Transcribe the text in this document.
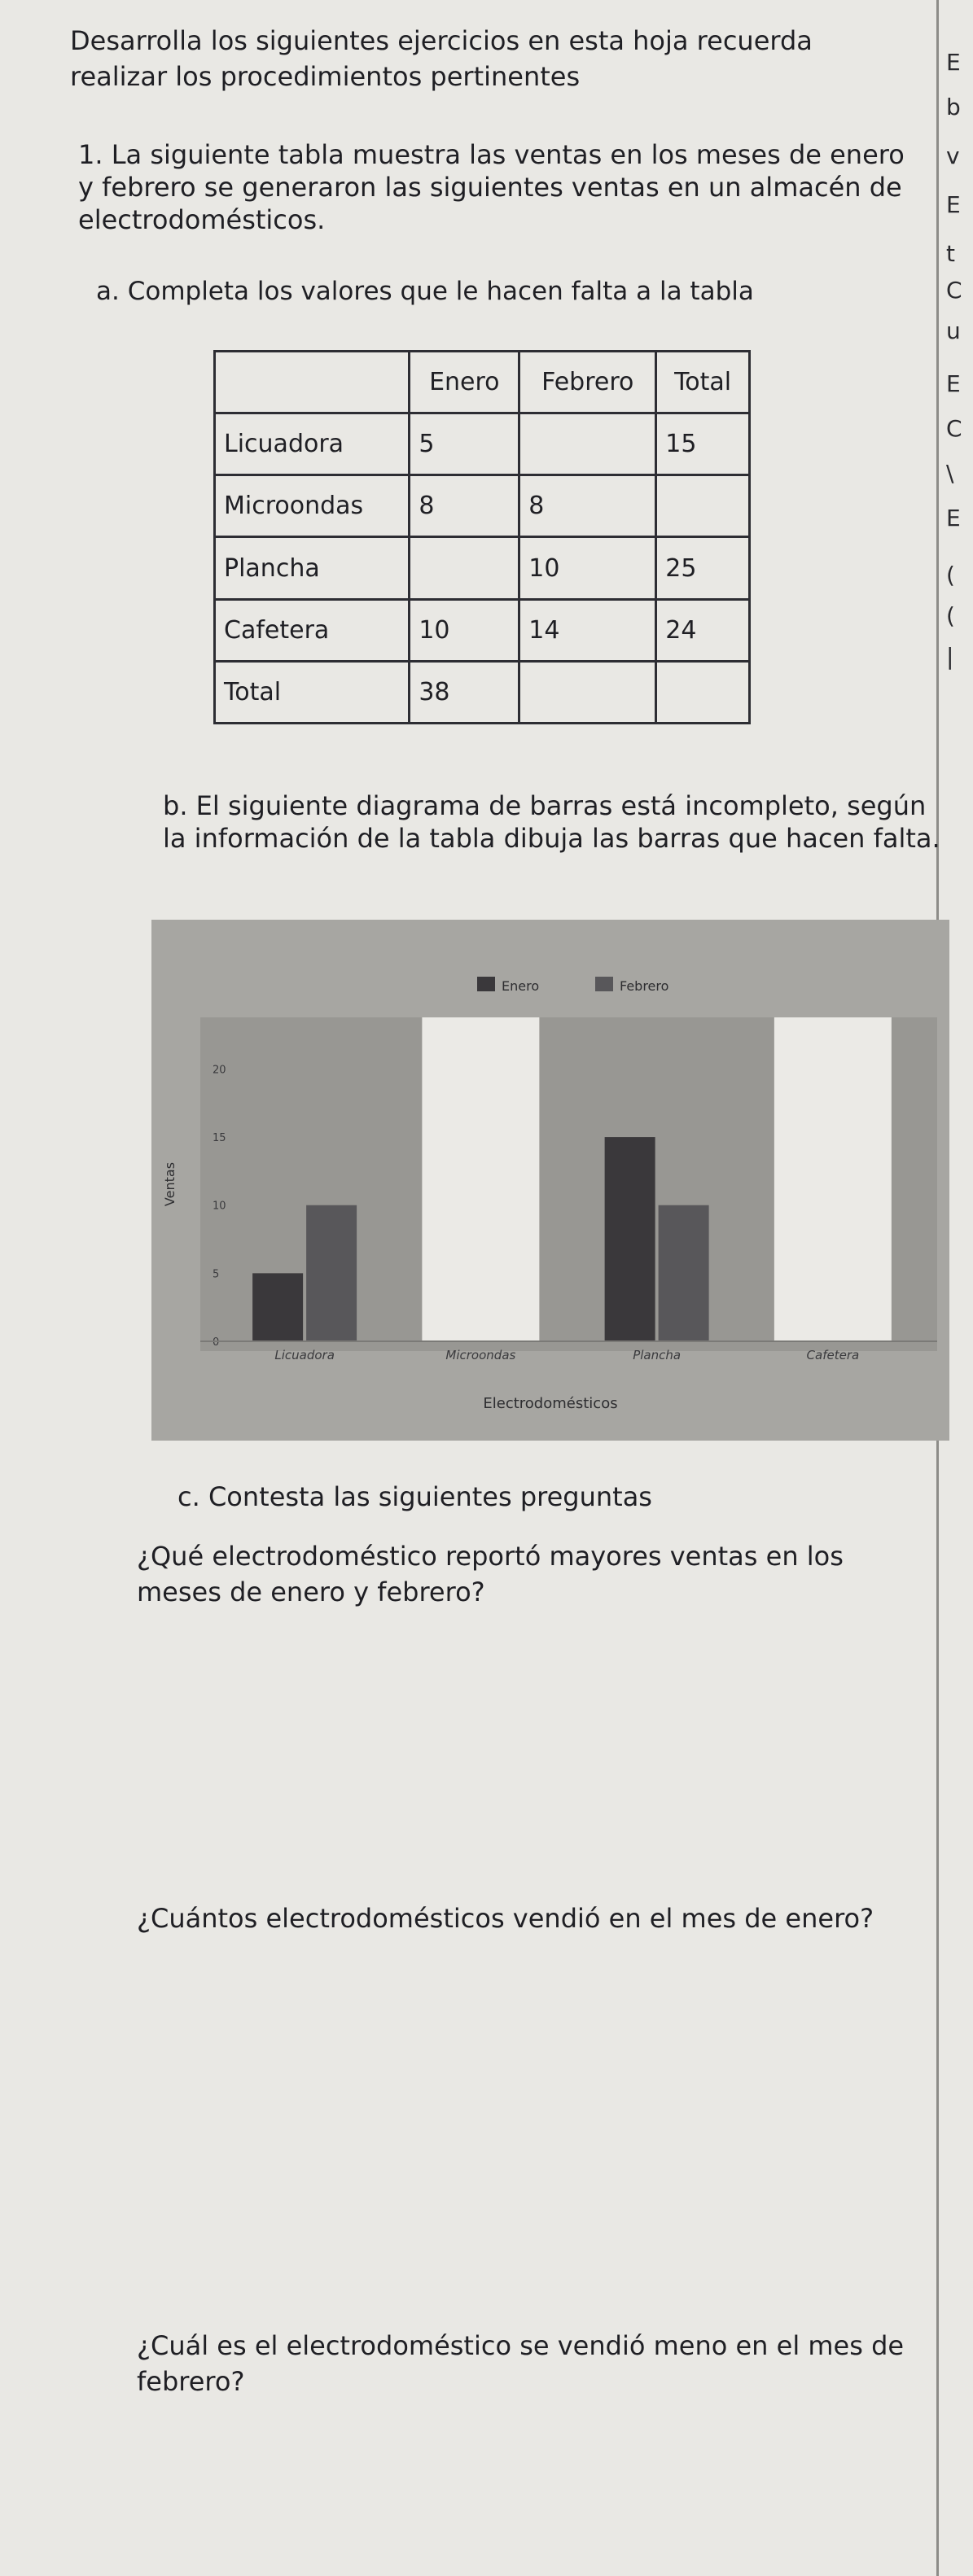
E
b
v
E
t
C
u
E
C
\
E
(
(
|
Desarrolla los siguientes ejercicios en esta hoja recuerda realizar los procedimientos pertinentes
1. La siguiente tabla muestra las ventas en los meses de enero y febrero se generaron las siguientes ventas en un almacén de electrodomésticos.
a. Completa los valores que le hacen falta a la tabla
	Enero	Febrero	Total
Licuadora	5		15
Microondas	8	8	
Plancha		10	25
Cafetera	10	14	24
Total	38		
b. El siguiente diagrama de barras está incompleto, según la información de la tabla dibuja las barras que hacen falta.
Enero	Febrero
0
5
10
15
20
Ventas
Licuadora	Microondas	Plancha	Cafetera
Electrodomésticos
c. Contesta las siguientes preguntas
¿Qué electrodoméstico reportó mayores ventas en los meses de enero y febrero?
¿Cuántos electrodomésticos vendió en el mes de enero?
¿Cuál es el electrodoméstico se vendió meno en el mes de febrero?
